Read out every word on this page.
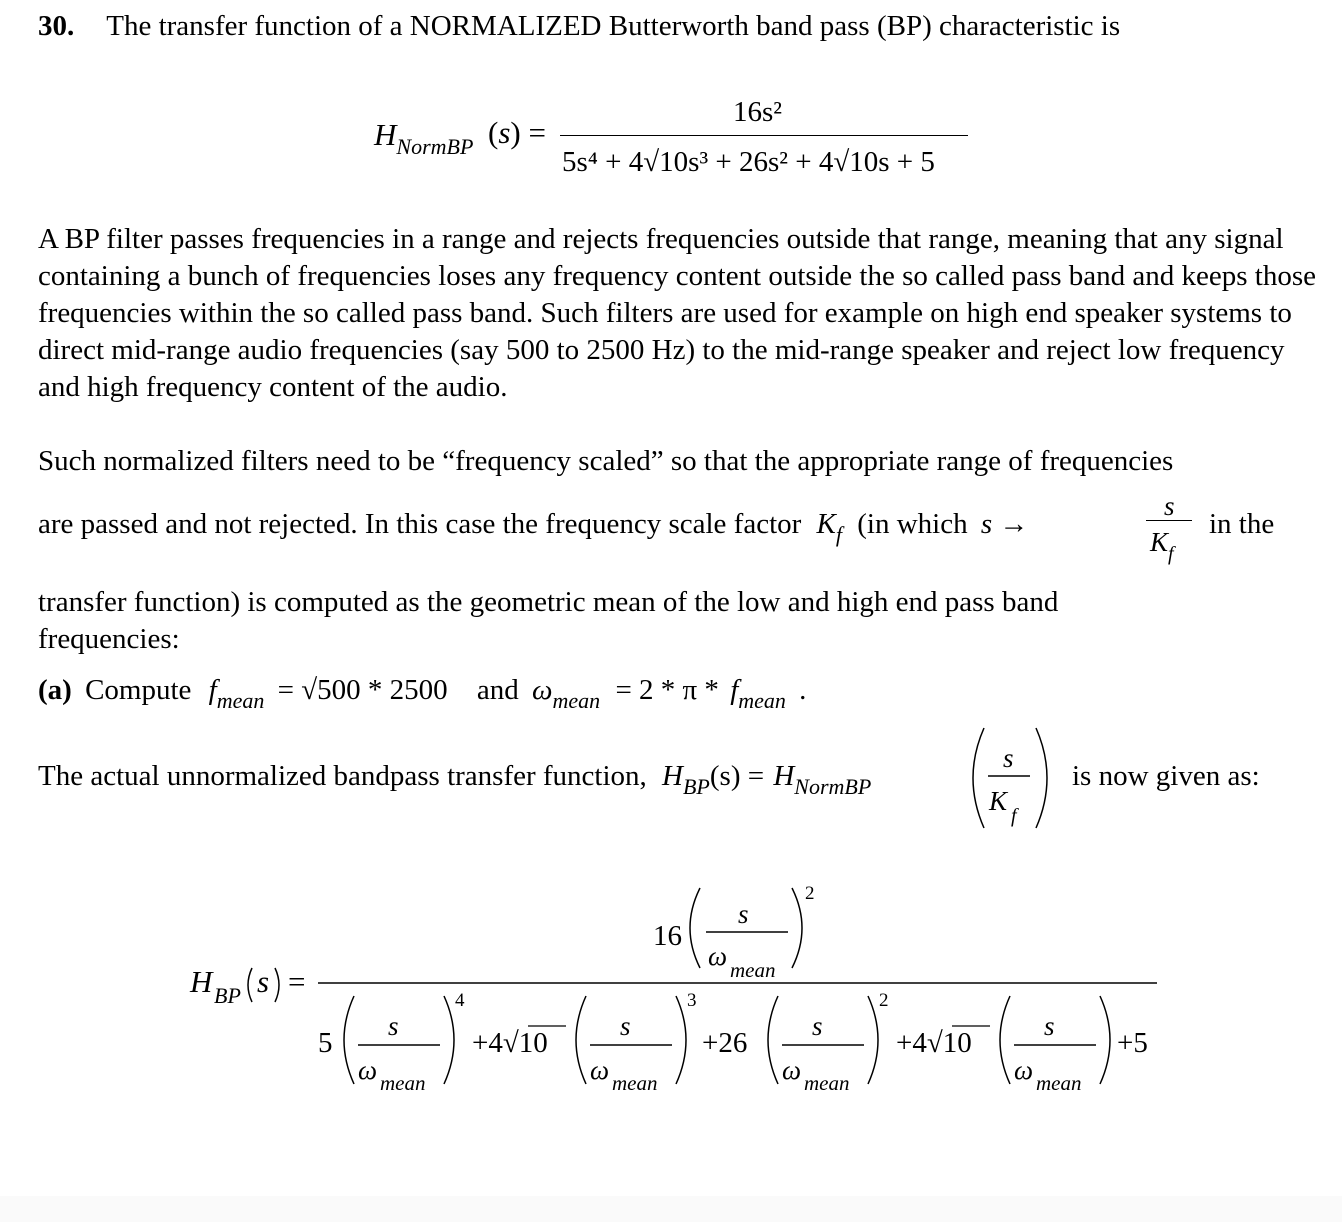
30. The transfer function of a NORMALIZED Butterworth band pass (BP) characteristic is
$H_{NormBP}$ (s) =
16s²
5s⁴ + 4√10s³ + 26s² + 4√10s + 5

A BP filter passes frequencies in a range and rejects frequencies outside that range, meaning that any signal containing a bunch of frequencies loses any frequency content outside the so called pass band and keeps those frequencies within the so called pass band. Such filters are used for example on high end speaker systems to direct mid-range audio frequencies (say 500 to 2500 Hz) to the mid-range speaker and reject low frequency and high frequency content of the audio.

Such normalized filters need to be “frequency scaled” so that the appropriate range of frequencies
are passed and not rejected. In this case the frequency scale factor $K_f$ (in which s →
s
$K_f$
in the

transfer function) is computed as the geometric mean of the low and high end pass band frequencies:

(a) Compute $f_{mean} = √500 * 2500$ and $\omega_{mean} = 2 * \pi * f_{mean}$ .
The actual unnormalized bandpass transfer function, $H_{BP}(s) = H_{NormBP}$
s
K f
is now given as:
H BP s =
16
s
ω mean
2
5
s
ω mean
4
+4√10
s
ω mean
3
+26
s
ω mean
2
+4√10
s
ω mean
+5
